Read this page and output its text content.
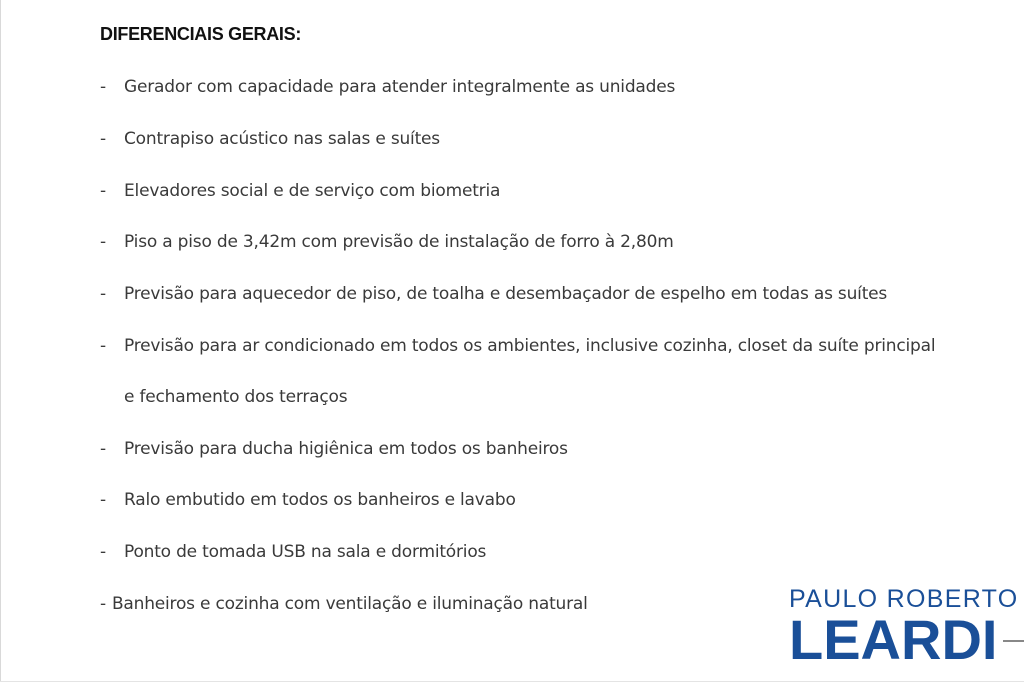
DIFERENCIAIS GERAIS:
- Gerador com capacidade para atender integralmente as unidades
- Contrapiso acústico nas salas e suítes
- Elevadores social e de serviço com biometria
- Piso a piso de 3,42m com previsão de instalação de forro à 2,80m
- Previsão para aquecedor de piso, de toalha e desembaçador de espelho em todas as suítes
- Previsão para ar condicionado em todos os ambientes, inclusive cozinha, closet da suíte principal
e fechamento dos terraços
- Previsão para ducha higiênica em todos os banheiros
- Ralo embutido em todos os banheiros e lavabo
- Ponto de tomada USB na sala e dormitórios
- Banheiros e cozinha com ventilação e iluminação natural	PAULO ROBERTO
LEARDI
